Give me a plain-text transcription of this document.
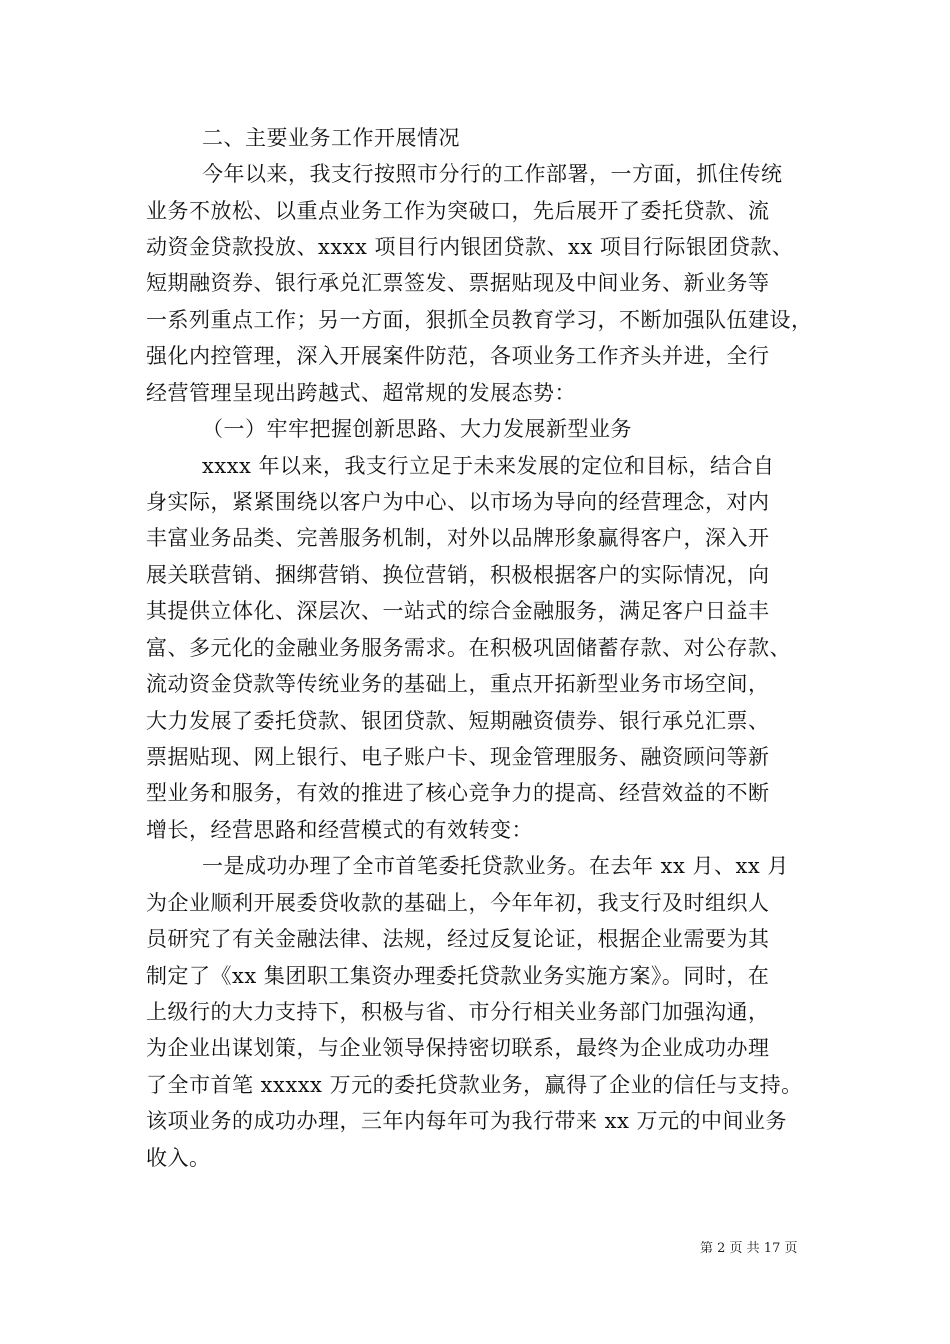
二、主要业务工作开展情况
今年以来，我支行按照市分行的工作部署，一方面，抓住传统
业务不放松、以重点业务工作为突破口，先后展开了委托贷款、流
动资金贷款投放、xxxx 项目行内银团贷款、xx 项目行际银团贷款、
短期融资券、银行承兑汇票签发、票据贴现及中间业务、新业务等
一系列重点工作；另一方面，狠抓全员教育学习，不断加强队伍建设，
强化内控管理，深入开展案件防范，各项业务工作齐头并进，全行
经营管理呈现出跨越式、超常规的发展态势：
（一）牢牢把握创新思路、大力发展新型业务
xxxx 年以来，我支行立足于未来发展的定位和目标，结合自
身实际，紧紧围绕以客户为中心、以市场为导向的经营理念，对内
丰富业务品类、完善服务机制，对外以品牌形象赢得客户，深入开
展关联营销、捆绑营销、换位营销，积极根据客户的实际情况，向
其提供立体化、深层次、一站式的综合金融服务，满足客户日益丰
富、多元化的金融业务服务需求。在积极巩固储蓄存款、对公存款、
流动资金贷款等传统业务的基础上，重点开拓新型业务市场空间，
大力发展了委托贷款、银团贷款、短期融资债券、银行承兑汇票、
票据贴现、网上银行、电子账户卡、现金管理服务、融资顾问等新
型业务和服务，有效的推进了核心竞争力的提高、经营效益的不断
增长，经营思路和经营模式的有效转变：
一是成功办理了全市首笔委托贷款业务。在去年 xx 月、xx 月
为企业顺利开展委贷收款的基础上，今年年初，我支行及时组织人
员研究了有关金融法律、法规，经过反复论证，根据企业需要为其
制定了《xx 集团职工集资办理委托贷款业务实施方案》。同时，在
上级行的大力支持下，积极与省、市分行相关业务部门加强沟通，
为企业出谋划策，与企业领导保持密切联系，最终为企业成功办理
了全市首笔 xxxxx 万元的委托贷款业务，赢得了企业的信任与支持。
该项业务的成功办理，三年内每年可为我行带来 xx 万元的中间业务
收入。
第 2 页 共 17 页
